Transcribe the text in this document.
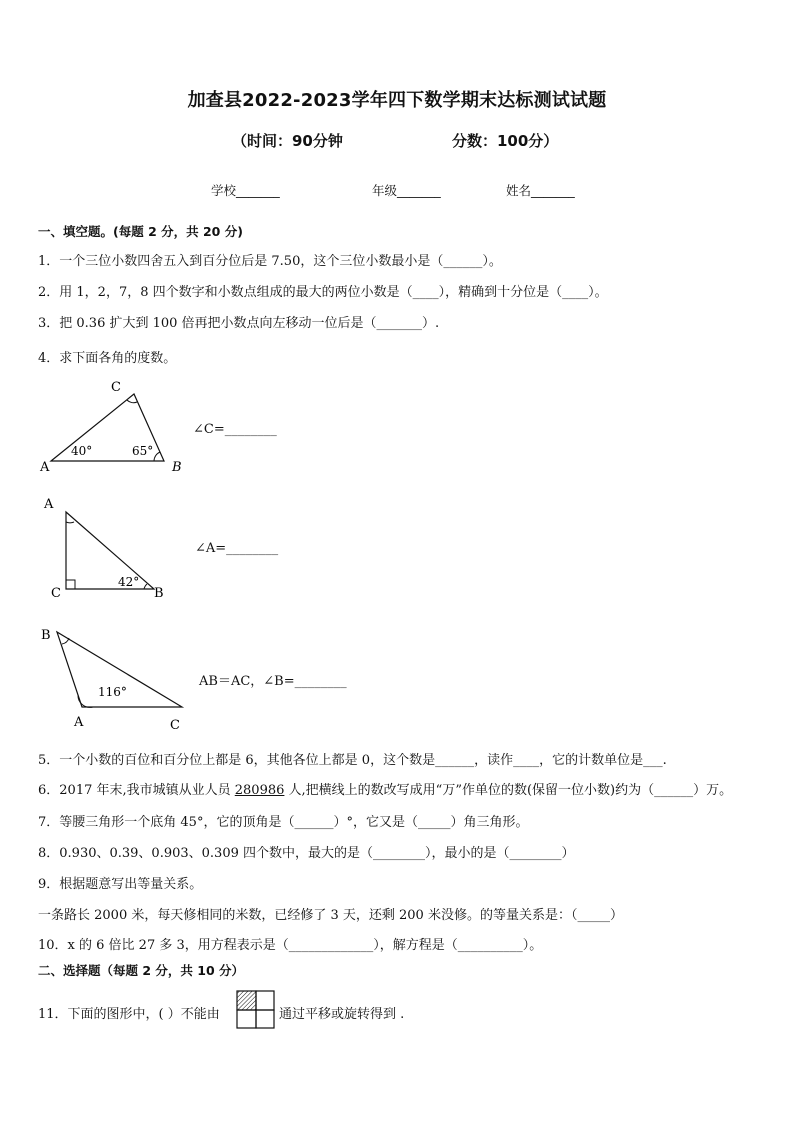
加查县2022-2023学年四下数学期末达标测试试题
（时间：90分钟	分数：100分）
学校_______	年级_______	姓名_______
一、填空题。(每题 2 分，共 20 分)
1．一个三位小数四舍五入到百分位后是 7.50，这个三位小数最小是（______）。
2．用 1，2，7，8 四个数字和小数点组成的最大的两位小数是（____），精确到十分位是（____）。
3．把 0.36 扩大到 100 倍再把小数点向左移动一位后是（_______）.
4．求下面各角的度数。
C
A	B
40°	65°
∠C=________
A
C	B
42°
∠A=________
B
A	C
116°
AB＝AC，∠B=________
5．一个小数的百位和百分位上都是 6，其他各位上都是 0，这个数是______，读作____，它的计数单位是___.
6．2017 年末,我市城镇从业人员 280986 人,把横线上的数改写成用“万”作单位的数(保留一位小数)约为（______）万。
7．等腰三角形一个底角 45°，它的顶角是（______）°，它又是（_____）角三角形。
8．0.930、0.39、0.903、0.309 四个数中，最大的是（________），最小的是（________）
9．根据题意写出等量关系。
一条路长 2000 米，每天修相同的米数，已经修了 3 天，还剩 200 米没修。的等量关系是：（_____）
10．x 的 6 倍比 27 多 3，用方程表示是（_____________），解方程是（__________）。
二、选择题（每题 2 分，共 10 分）
11．下面的图形中，( ）不能由	通过平移或旋转得到 .
